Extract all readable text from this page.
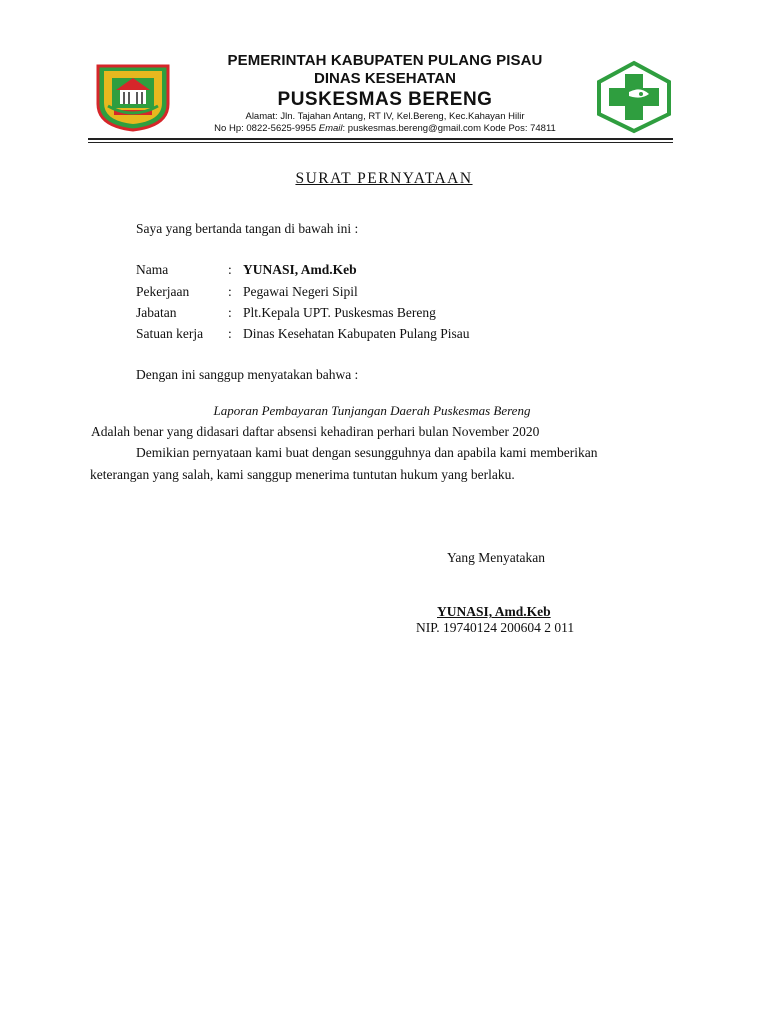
PEMERINTAH KABUPATEN PULANG PISAU
DINAS KESEHATAN
PUSKESMAS BERENG
Alamat: Jln. Tajahan Antang, RT IV, Kel.Bereng, Kec.Kahayan Hilir
No Hp: 0822-5625-9955 Email: puskesmas.bereng@gmail.com Kode Pos: 74811
SURAT PERNYATAAN
Saya yang bertanda tangan di bawah ini :
Nama	: YUNASI, Amd.Keb
Pekerjaan	: Pegawai Negeri Sipil
Jabatan	: Plt.Kepala UPT. Puskesmas Bereng
Satuan kerja : Dinas Kesehatan Kabupaten Pulang Pisau
Dengan ini sanggup menyatakan bahwa :
Laporan Pembayaran Tunjangan Daerah Puskesmas Bereng
Adalah benar yang didasari daftar absensi kehadiran perhari bulan November 2020
Demikian pernyataan kami buat dengan sesungguhnya dan apabila kami memberikan
keterangan yang salah, kami sanggup menerima tuntutan hukum yang berlaku.
Yang Menyatakan
YUNASI, Amd.Keb
NIP. 19740124 200604 2 011
